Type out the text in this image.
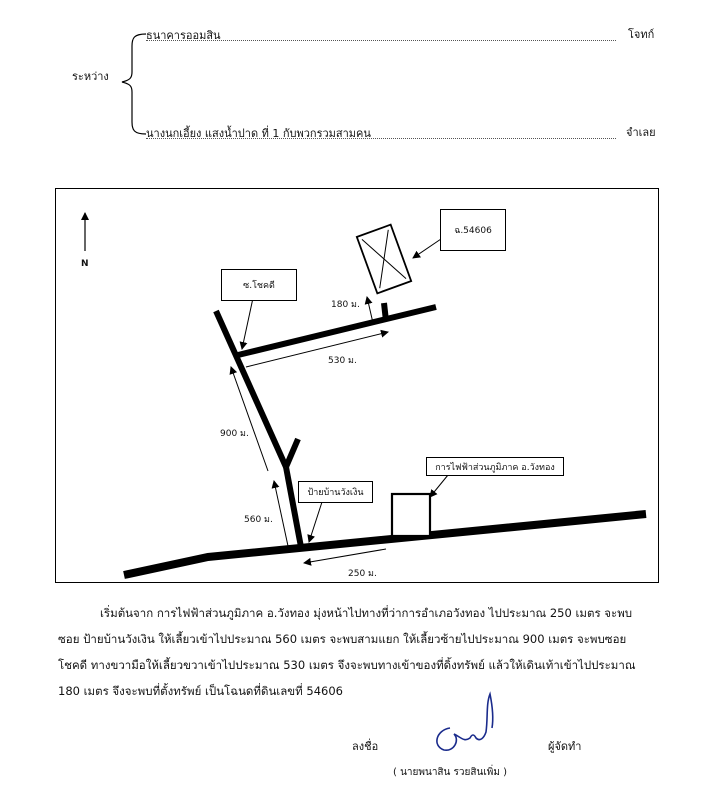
ระหว่าง
ธนาคารออมสิน	โจทก์
นางนกเอี้ยง แสงน้ำปาด ที่ 1 กับพวกรวมสามคน	จำเลย
N
ฉ.54606
ซ.โชคดี
ป้ายบ้านวังเงิน
การไฟฟ้าส่วนภูมิภาค อ.วังทอง
180 ม.
530 ม.
900 ม.
560 ม.
250 ม.

เริ่มต้นจาก การไฟฟ้าส่วนภูมิภาค อ.วังทอง มุ่งหน้าไปทางที่ว่าการอำเภอวังทอง ไปประมาณ 250 เมตร จะพบ

ซอย ป้ายบ้านวังเงิน ให้เลี้ยวเข้าไปประมาณ 560 เมตร จะพบสามแยก ให้เลี้ยวซ้ายไปประมาณ 900 เมตร จะพบซอย

โชคดี ทางขวามือให้เลี้ยวขวาเข้าไปประมาณ 530 เมตร จึงจะพบทางเข้าของที่ดิ้งทรัพย์ แล้วให้เดินเท้าเข้าไปประมาณ

180 เมตร จึงจะพบที่ตั้งทรัพย์ เป็นโฉนดที่ดินเลขที่ 54606

ลงชื่อ	ผู้จัดทำ
( นายพนาสิน รวยสินเพิ่ม )
